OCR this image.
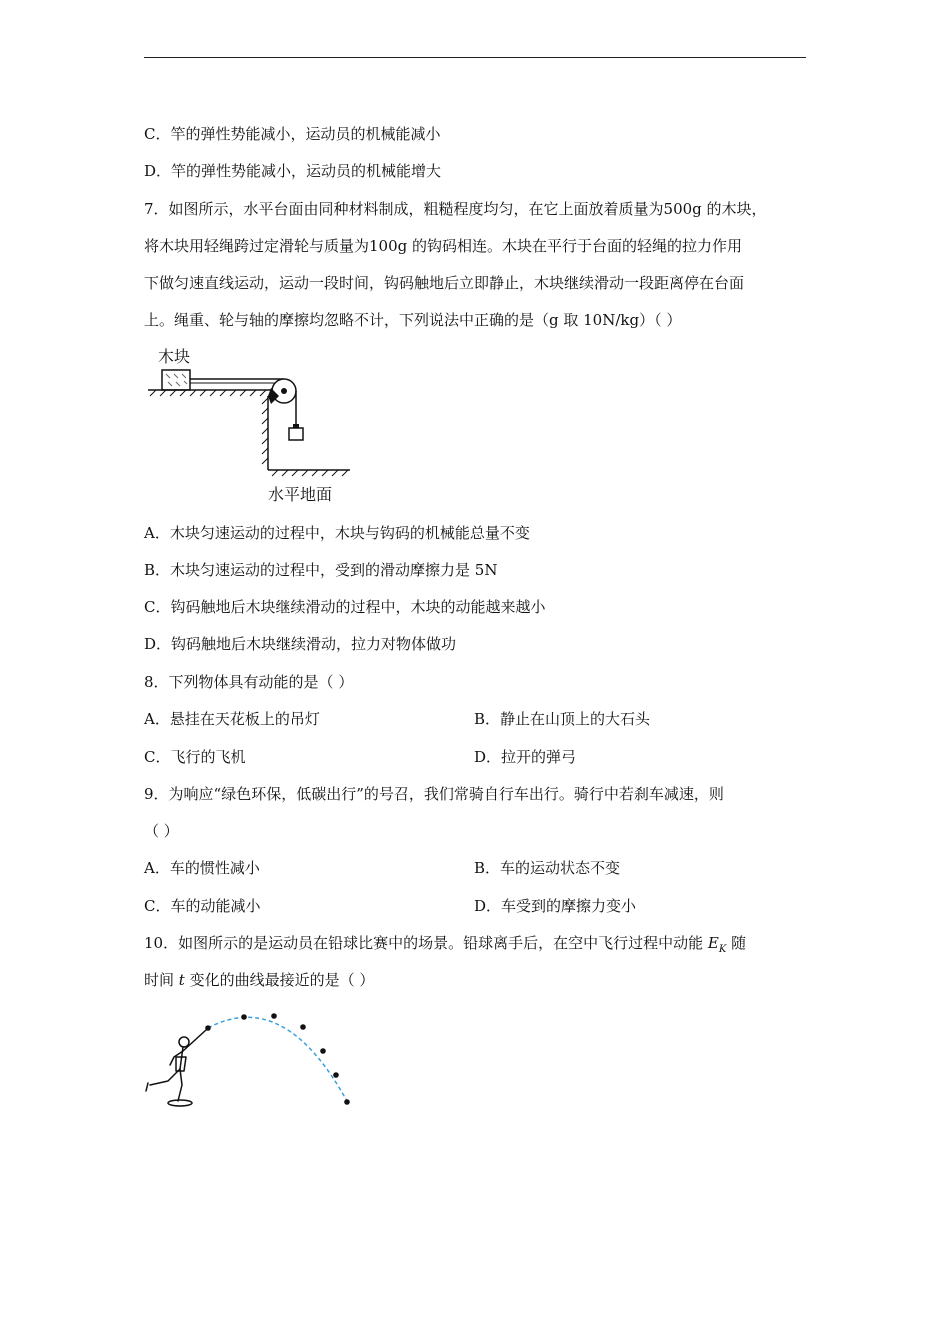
C．竿的弹性势能减小，运动员的机械能减小
D．竿的弹性势能减小，运动员的机械能增大
7．如图所示，水平台面由同种材料制成，粗糙程度均匀，在它上面放着质量为500g 的木块，
将木块用轻绳跨过定滑轮与质量为100g 的钩码相连。木块在平行于台面的轻绳的拉力作用
下做匀速直线运动，运动一段时间，钩码触地后立即静止，木块继续滑动一段距离停在台面
上。绳重、轮与轴的摩擦均忽略不计，下列说法中正确的是（g 取 10N/kg）（ ）
木块
水平地面
A．木块匀速运动的过程中，木块与钩码的机械能总量不变
B．木块匀速运动的过程中，受到的滑动摩擦力是 5N
C．钩码触地后木块继续滑动的过程中，木块的动能越来越小
D．钩码触地后木块继续滑动，拉力对物体做功
8．下列物体具有动能的是（ ）
A．悬挂在天花板上的吊灯	B．静止在山顶上的大石头
C．飞行的飞机	D．拉开的弹弓
9．为响应“绿色环保，低碳出行”的号召，我们常骑自行车出行。骑行中若刹车减速，则
（ ）
A．车的惯性减小	B．车的运动状态不变
C．车的动能减小	D．车受到的摩擦力变小
10．如图所示的是运动员在铅球比赛中的场景。铅球离手后，在空中飞行过程中动能 $E_K$ 随
时间 t 变化的曲线最接近的是（ ）
